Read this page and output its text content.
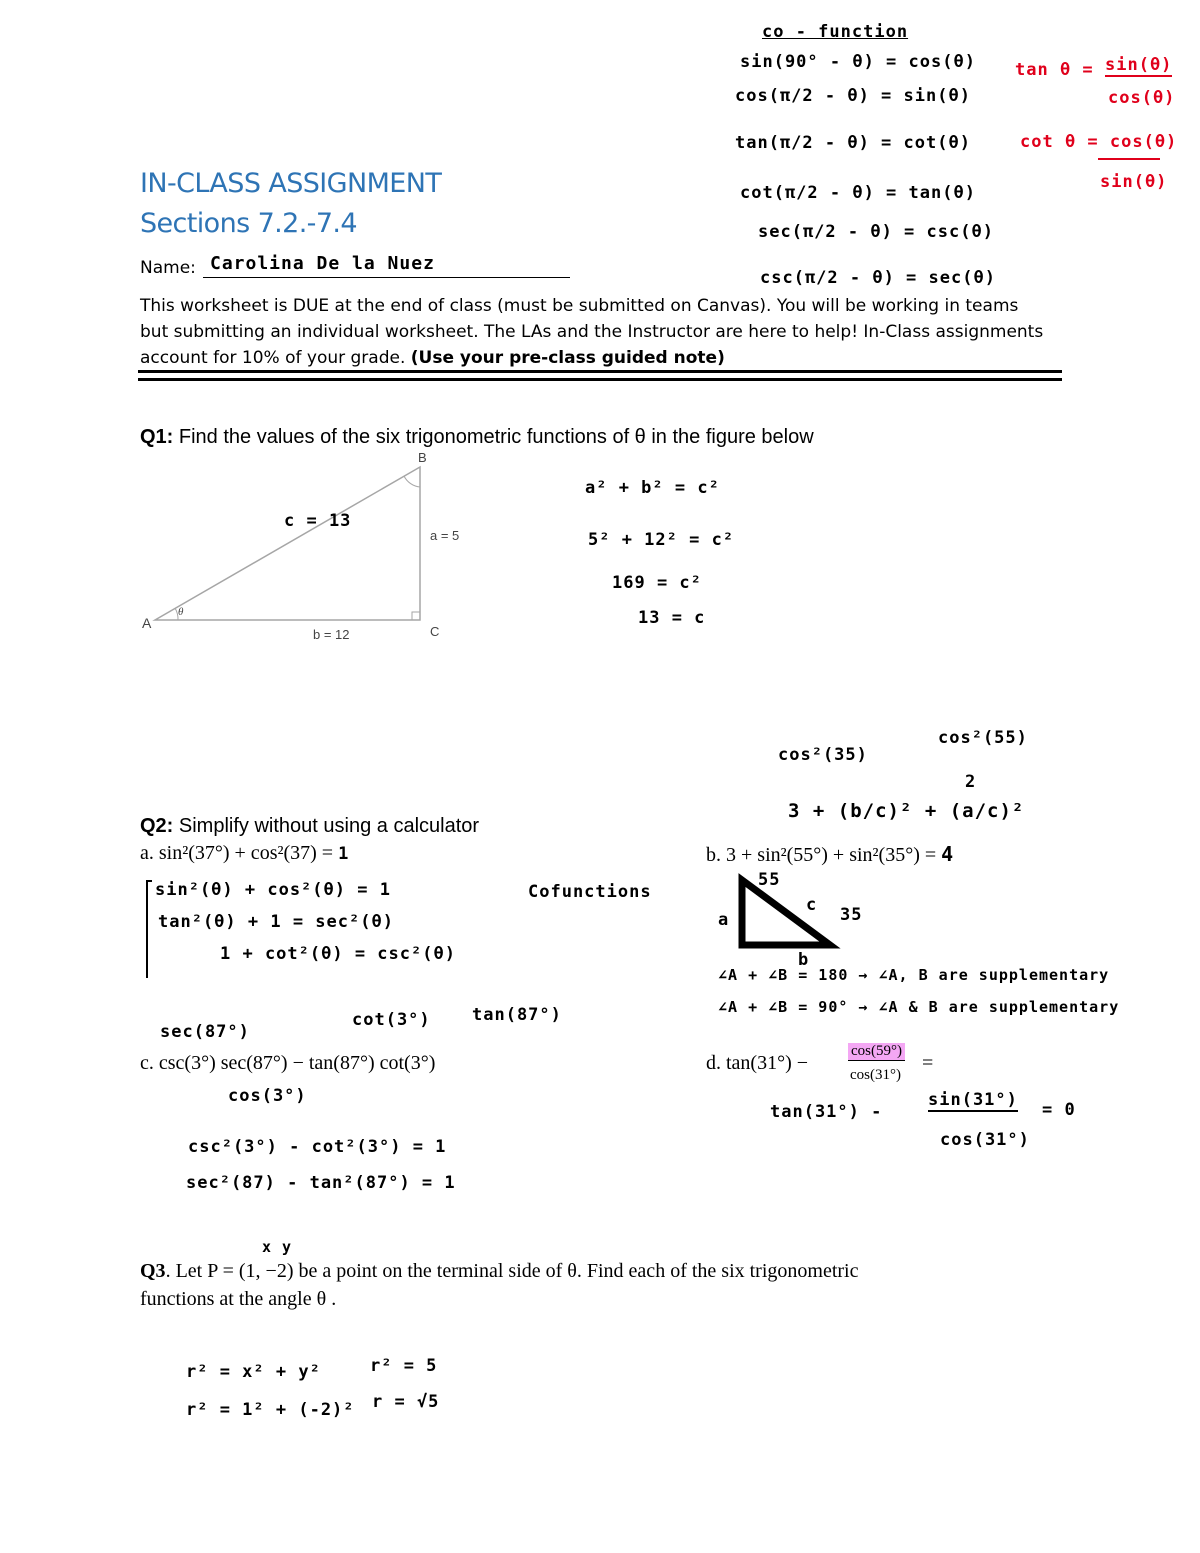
IN-CLASS ASSIGNMENT
Sections 7.2.-7.4
Name: Carolina De la Nuez
This worksheet is DUE at the end of class (must be submitted on Canvas). You will be working in teams
but submitting an individual worksheet. The LAs and the Instructor are here to help! In-Class assignments
account for 10% of your grade. (Use your pre-class guided note)
co - function
sin(90° - θ) = cos(θ)
cos(π/2 - θ) = sin(θ)
tan(π/2 - θ) = cot(θ)
cot(π/2 - θ) = tan(θ)
sec(π/2 - θ) = csc(θ)
csc(π/2 - θ) = sec(θ)
tan θ = sin(θ)
cos(θ)
cot θ = cos(θ)
sin(θ)
Q1: Find the values of the six trigonometric functions of θ in the figure below
A
B
C
a = 5
b = 12
c = 13
θ
a² + b² = c²
5² + 12² = c²
169 = c²
13 = c
cos²(35)
cos²(55)
3 + (b/c)² + (a/c)²
2
Q2: Simplify without using a calculator
a. sin²(37°) + cos²(37) = 1	b. 3 + sin²(55°) + sin²(35°) = 4
sin²(θ) + cos²(θ) = 1
tan²(θ) + 1 = sec²(θ)
1 + cot²(θ) = csc²(θ)
Cofunctions
a
b
c
55
35
∠A + ∠B = 180 → ∠A, B are supplementary
∠A + ∠B = 90° → ∠A & B are supplementary
sec(87°)
cot(3°) tan(87°)
c. csc(3°) sec(87°) − tan(87°) cot(3°)
cos(3°)
csc²(3°) - cot²(3°) = 1
sec²(87) - tan²(87°) = 1
d. tan(31°) −
cos(59°)
cos(31°)
=
tan(31°) -
sin(31°)
cos(31°)
= 0
x y
Q3. Let P = (1, −2) be a point on the terminal side of θ. Find each of the six trigonometric
functions at the angle θ .
r² = x² + y²
r² = 1² + (-2)²
r² = 5
r = √5
